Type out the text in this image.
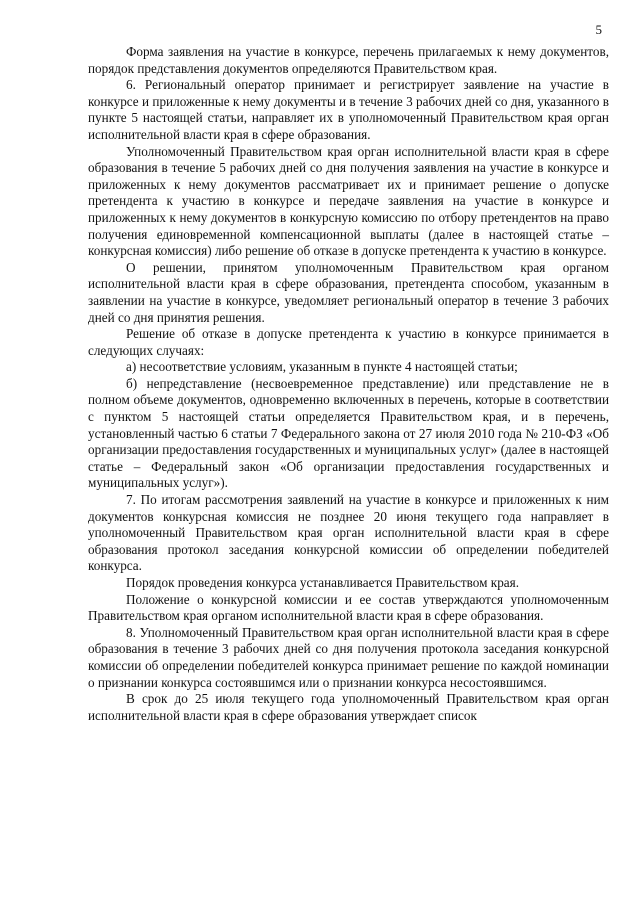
5

Форма заявления на участие в конкурсе, перечень прилагаемых к нему документов, порядок представления документов определяются Правительством края.

6. Региональный оператор принимает и регистрирует заявление на участие в конкурсе и приложенные к нему документы и в течение 3 рабочих дней со дня, указанного в пункте 5 настоящей статьи, направляет их в уполномоченный Правительством края орган исполнительной власти края в сфере образования.

Уполномоченный Правительством края орган исполнительной власти края в сфере образования в течение 5 рабочих дней со дня получения заявления на участие в конкурсе и приложенных к нему документов рассматривает их и принимает решение о допуске претендента к участию в конкурсе и передаче заявления на участие в конкурсе и приложенных к нему документов в конкурсную комиссию по отбору претендентов на право получения единовременной компенсационной выплаты (далее в настоящей статье – конкурсная комиссия) либо решение об отказе в допуске претендента к участию в конкурсе.

О решении, принятом уполномоченным Правительством края органом исполнительной власти края в сфере образования, претендента способом, указанным в заявлении на участие в конкурсе, уведомляет региональный оператор в течение 3 рабочих дней со дня принятия решения.

Решение об отказе в допуске претендента к участию в конкурсе принимается в следующих случаях:

а) несоответствие условиям, указанным в пункте 4 настоящей статьи;

б) непредставление (несвоевременное представление) или представление не в полном объеме документов, одновременно включенных в перечень, которые в соответствии с пунктом 5 настоящей статьи определяется Правительством края, и в перечень, установленный частью 6 статьи 7 Федерального закона от 27 июля 2010 года № 210-ФЗ «Об организации предоставления государственных и муниципальных услуг» (далее в настоящей статье – Федеральный закон «Об организации предоставления государственных и муниципальных услуг»).

7. По итогам рассмотрения заявлений на участие в конкурсе и приложенных к ним документов конкурсная комиссия не позднее 20 июня текущего года направляет в уполномоченный Правительством края орган исполнительной власти края в сфере образования протокол заседания конкурсной комиссии об определении победителей конкурса.

Порядок проведения конкурса устанавливается Правительством края.

Положение о конкурсной комиссии и ее состав утверждаются уполномоченным Правительством края органом исполнительной власти края в сфере образования.

8. Уполномоченный Правительством края орган исполнительной власти края в сфере образования в течение 3 рабочих дней со дня получения протокола заседания конкурсной комиссии об определении победителей конкурса принимает решение по каждой номинации о признании конкурса состоявшимся или о признании конкурса несостоявшимся.

В срок до 25 июля текущего года уполномоченный Правительством края орган исполнительной власти края в сфере образования утверждает список
